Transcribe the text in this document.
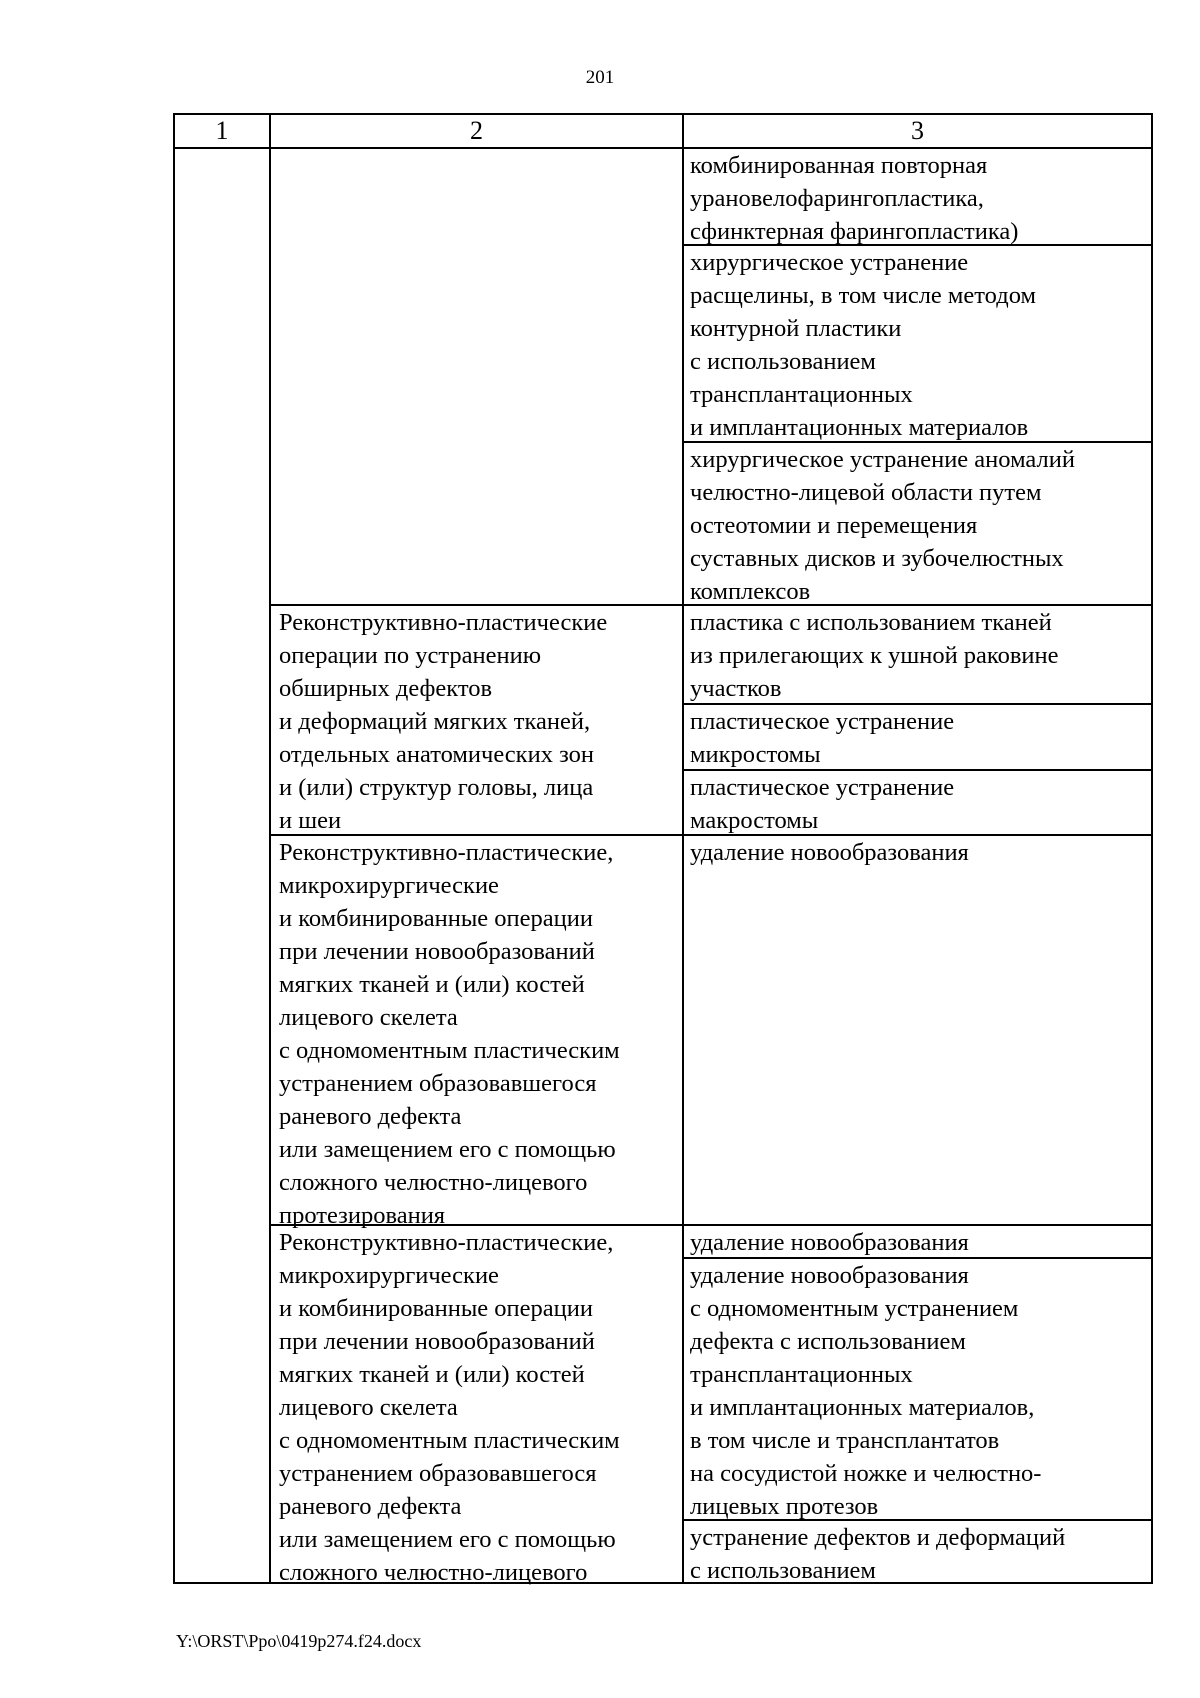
201
1	2	3

Реконструктивно-пластические
операции по устранению
обширных дефектов
и деформаций мягких тканей,
отдельных анатомических зон
и (или) структур головы, лица
и шеи

Реконструктивно-пластические,
микрохирургические
и комбинированные операции
при лечении новообразований
мягких тканей и (или) костей
лицевого скелета
с одномоментным пластическим
устранением образовавшегося
раневого дефекта
или замещением его с помощью
сложного челюстно-лицевого
протезирования

Реконструктивно-пластические,
микрохирургические
и комбинированные операции
при лечении новообразований
мягких тканей и (или) костей
лицевого скелета
с одномоментным пластическим
устранением образовавшегося
раневого дефекта
или замещением его с помощью
сложного челюстно-лицевого

комбинированная повторная
урановелофарингопластика,
сфинктерная фарингопластика)

хирургическое устранение
расщелины, в том числе методом
контурной пластики
с использованием
трансплантационных
и имплантационных материалов

хирургическое устранение аномалий
челюстно-лицевой области путем
остеотомии и перемещения
суставных дисков и зубочелюстных
комплексов

пластика с использованием тканей
из прилегающих к ушной раковине
участков

пластическое устранение
микростомы

пластическое устранение
макростомы

удаление новообразования

удаление новообразования

удаление новообразования
с одномоментным устранением
дефекта с использованием
трансплантационных
и имплантационных материалов,
в том числе и трансплантатов
на сосудистой ножке и челюстно-
лицевых протезов

устранение дефектов и деформаций
с использованием

Y:\ORST\Ppo\0419p274.f24.docx
